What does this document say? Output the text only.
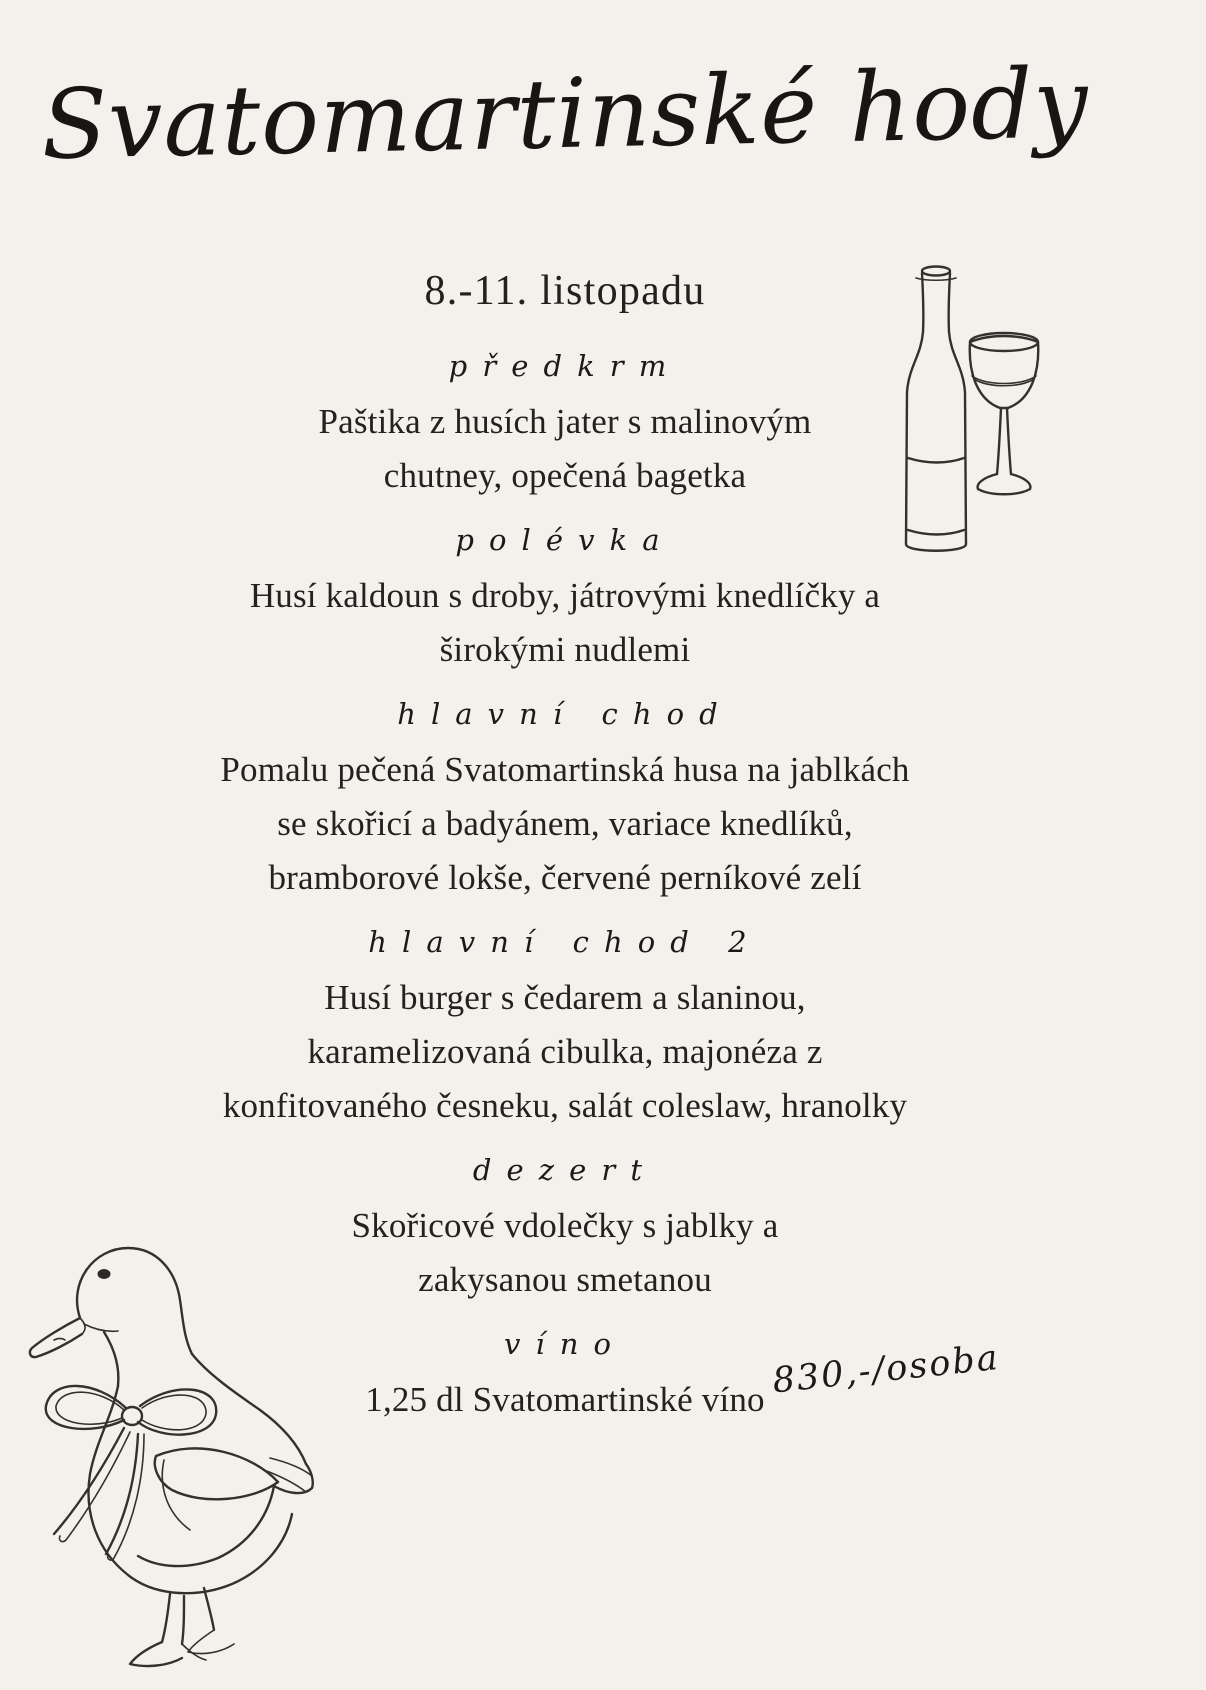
Svatomartinské hody
8.-11. listopadu
předkrm
Paštika z husích jater s malinovým
chutney, opečená bagetka
polévka
Husí kaldoun s droby, játrovými knedlíčky a
širokými nudlemi
hlavní chod
Pomalu pečená Svatomartinská husa na jablkách
se skořicí a badyánem, variace knedlíků,
bramborové lokše, červené perníkové zelí
hlavní chod 2
Husí burger s čedarem a slaninou,
karamelizovaná cibulka, majonéza z
konfitovaného česneku, salát coleslaw, hranolky
dezert
Skořicové vdolečky s jablky a
zakysanou smetanou
víno
1,25 dl Svatomartinské víno 830,-/osoba
